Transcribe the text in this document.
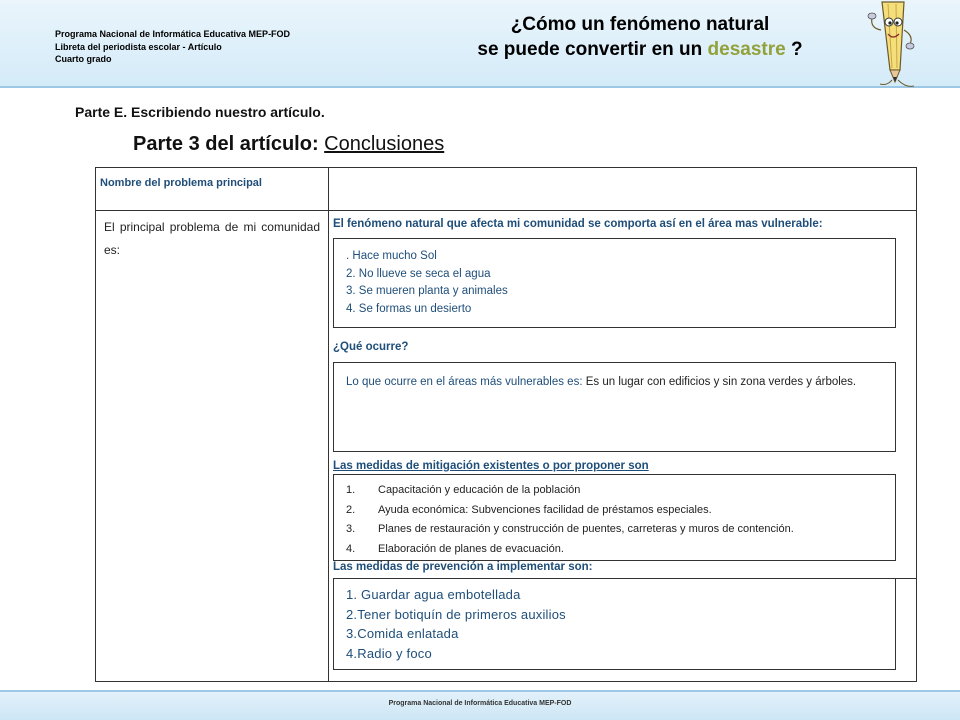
Programa Nacional de Informática Educativa MEP-FOD
Libreta del periodista escolar - Artículo
Cuarto grado
¿Cómo un fenómeno natural
se puede convertir en un desastre ?
Parte E. Escribiendo nuestro artículo.
Parte 3 del artículo: Conclusiones
Nombre del problema principal
El principal problema de mi comunidad es:
El fenómeno natural que afecta mi comunidad se comporta así en el área mas vulnerable:
. Hace mucho Sol
2. No llueve se seca el agua
3. Se mueren planta y animales
4. Se formas un desierto
¿Qué ocurre?
Lo que ocurre en el áreas más vulnerables es: Es un lugar con edificios y sin zona verdes y árboles.
Las medidas de mitigación existentes o por proponer son
1.	Capacitación y educación de la población
2.	Ayuda económica: Subvenciones facilidad de préstamos especiales.
3.	Planes de restauración y construcción de puentes, carreteras y muros de contención.
4.	Elaboración de planes de evacuación.
Las medidas de prevención a implementar son:
1. Guardar agua embotellada
2.Tener botiquín de primeros auxilios
3.Comida enlatada
4.Radio y foco
Programa Nacional de Informática Educativa MEP-FOD
